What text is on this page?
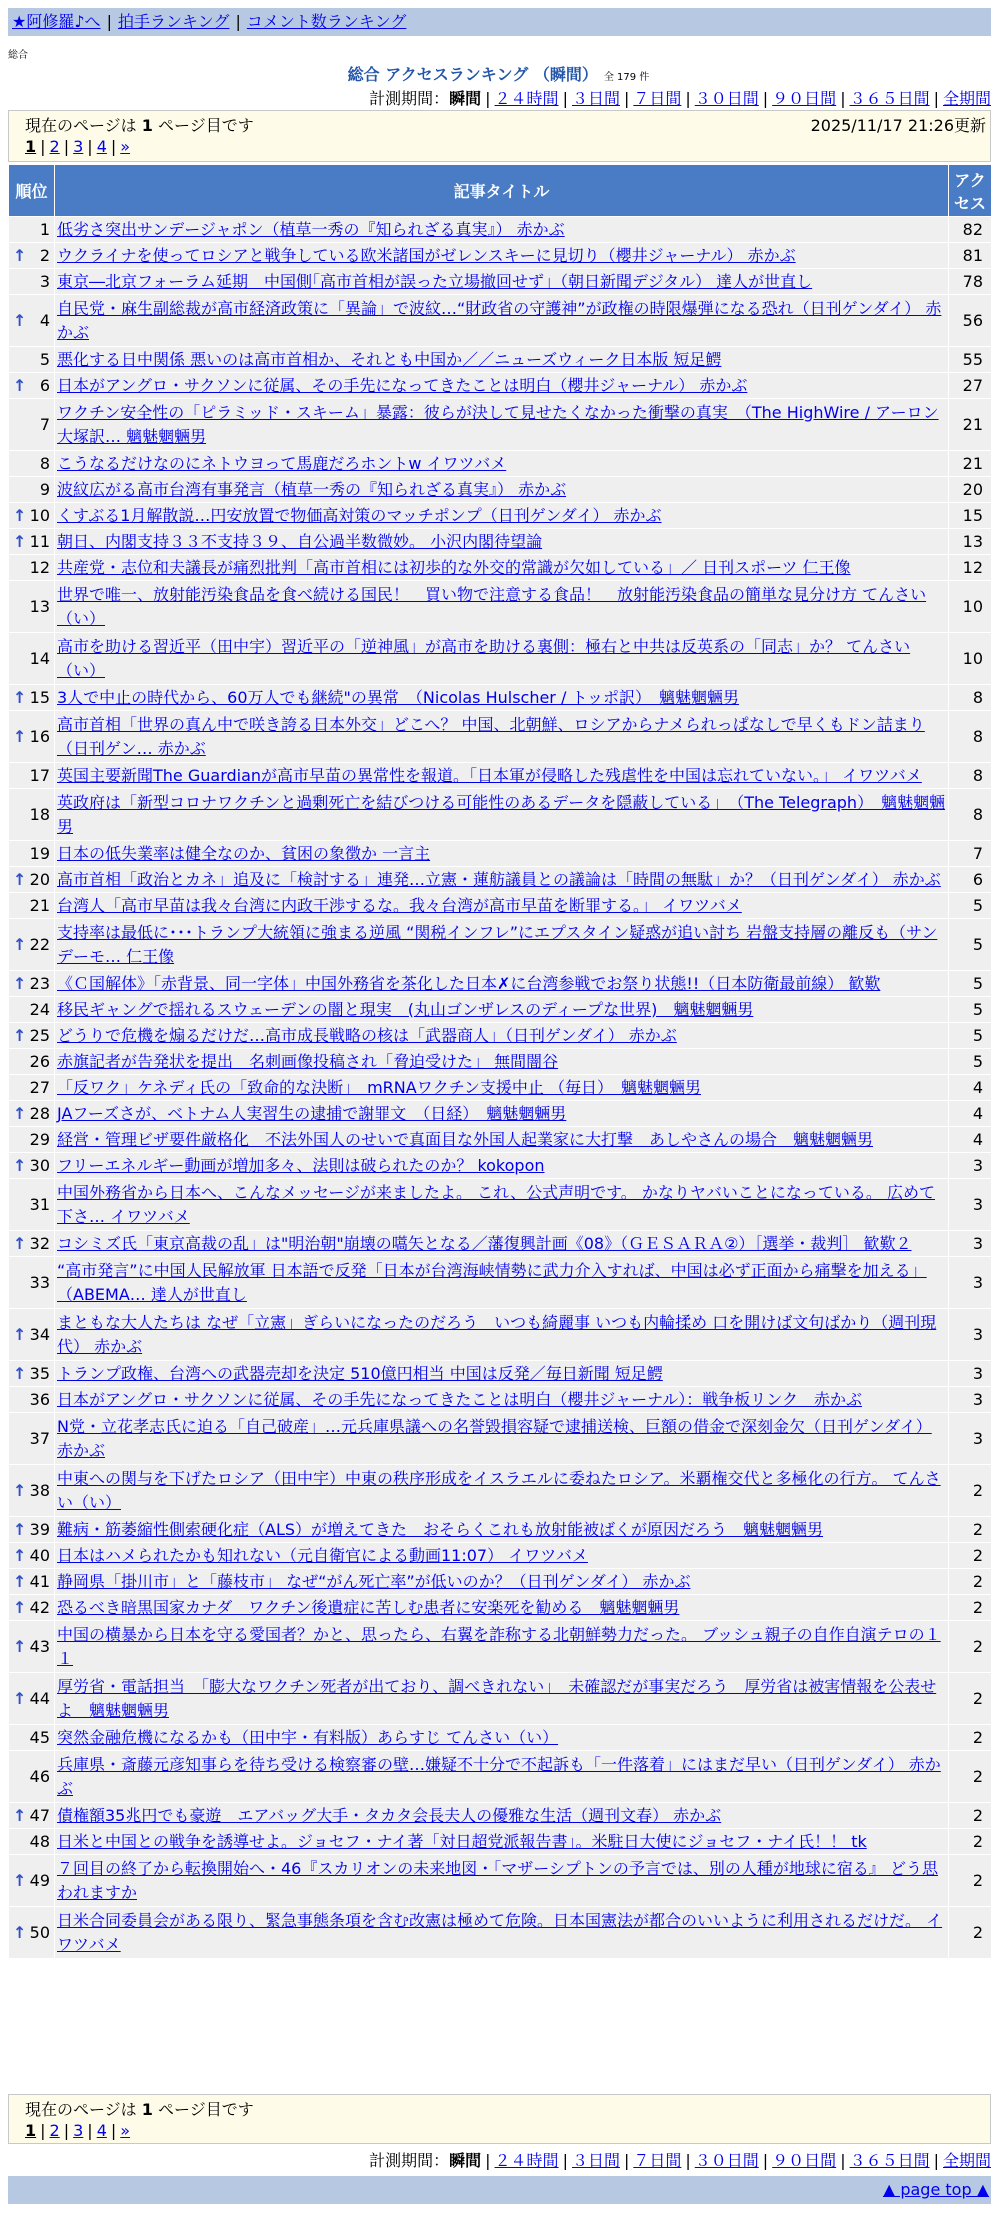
★阿修羅♪へ | 拍手ランキング | コメント数ランキング
総合
総合 アクセスランキング （瞬間） 全 179 件
計測期間：瞬間 | ２４時間 | ３日間 | ７日間 | ３０日間 | ９０日間 | ３６５日間 | 全期間
現在のページは 1 ページ目です	2025/11/17 21:26更新
1 | 2 | 3 | 4 | »
順位	記事タイトル	アクセス
1	低劣さ突出サンデージャポン（植草一秀の『知られざる真実』） 赤かぶ	82

↑ 2	ウクライナを使ってロシアと戦争している欧米諸国がゼレンスキーに見切り（櫻井ジャーナル） 赤かぶ	81
3	東京―北京フォーラム延期　中国側｢高市首相が誤った立場撤回せず｣（朝日新聞デジタル） 達人が世直し	78

↑ 4	自民党・麻生副総裁が高市経済政策に「異論」で波紋…“財政省の守護神”が政権の時限爆弾になる恐れ（日刊ゲンダイ） 赤かぶ	56
5	悪化する日中関係 悪いのは高市首相か、それとも中国か／／ニューズウィーク日本版 短足鰐	55

↑ 6	日本がアングロ・サクソンに従属、その手先になってきたことは明白（櫻井ジャーナル） 赤かぶ	27
7	ワクチン安全性の「ピラミッド・スキーム」暴露：彼らが決して見せたくなかった衝撃の真実　（The HighWire / アーロン大塚訳… 魑魅魍魎男	21
8	こうなるだけなのにネトウヨって馬鹿だろホントw イワツバメ	21
9	波紋広がる高市台湾有事発言（植草一秀の『知られざる真実』） 赤かぶ	20

↑ 10	くすぶる1月解散説…円安放置で物価高対策のマッチポンプ（日刊ゲンダイ） 赤かぶ	15

↑ 11	朝日、内閣支持３３不支持３９、自公過半数微妙。 小沢内閣待望論	13
12	共産党・志位和夫議長が痛烈批判「高市首相には初歩的な外交的常識が欠如している」／ 日刊スポーツ 仁王像	12
13	世界で唯一、放射能汚染食品を食べ続ける国民！　買い物で注意する食品！　放射能汚染食品の簡単な見分け方 てんさい（い）	10
14	高市を助ける習近平（田中宇）習近平の「逆神風」が高市を助ける裏側：極右と中共は反英系の「同志」か？ てんさい（い）	10

↑ 15	3人で中止の時代から、60万人でも継続"の異常　（Nicolas Hulscher / トッポ訳）　魑魅魍魎男	8

↑ 16	高市首相「世界の真ん中で咲き誇る日本外交」どこへ？ 中国、北朝鮮、ロシアからナメられっぱなしで早くもドン詰まり（日刊ゲン… 赤かぶ	8
17	英国主要新聞The Guardianが高市早苗の異常性を報道。「日本軍が侵略した残虐性を中国は忘れていない。」 イワツバメ	8
18	英政府は「新型コロナワクチンと過剰死亡を結びつける可能性のあるデータを隠蔽している」　（The Telegraph）　魑魅魍魎男	8
19	日本の低失業率は健全なのか、貧困の象徴か 一言主	7

↑ 20	高市首相「政治とカネ」追及に「検討する」連発…立憲・蓮舫議員との議論は「時間の無駄」か？（日刊ゲンダイ） 赤かぶ	6
21	台湾人「高市早苗は我々台湾に内政干渉するな。我々台湾が高市早苗を断罪する。」 イワツバメ	5

↑ 22	支持率は最低に･･･トランプ大統領に強まる逆風 “関税インフレ”にエプスタイン疑惑が追い討ち 岩盤支持層の離反も（サンデーモ… 仁王像	5

↑ 23	《Ｃ国解体》「赤背景、同一字体」中国外務省を茶化した日本✗に台湾参戦でお祭り状態!!（日本防衛最前線） 歓歎	5
24	移民ギャングで揺れるスウェーデンの闇と現実　(丸山ゴンザレスのディープな世界)　魑魅魍魎男	5

↑ 25	どうりで危機を煽るだけだ…高市成長戦略の核は「武器商人」（日刊ゲンダイ） 赤かぶ	5
26	赤旗記者が告発状を提出　名刺画像投稿され「脅迫受けた」 無間闇谷	5
27	「反ワク」ケネディ氏の「致命的な決断」　mRNAワクチン支援中止 （毎日）　魑魅魍魎男	4

↑ 28	JAフーズさが、ベトナム人実習生の逮捕で謝罪文　（日経）　魑魅魍魎男	4
29	経営・管理ビザ要件厳格化　不法外国人のせいで真面目な外国人起業家に大打撃　あしやさんの場合　魑魅魍魎男	4

↑ 30	フリーエネルギー動画が増加多々、法則は破られたのか？ kokopon	3
31	中国外務省から日本へ、こんなメッセージが来ましたよ。 これ、公式声明です。 かなりヤバいことになっている。 広めて下さ… イワツバメ	3

↑ 32	コシミズ氏「東京高裁の乱」は"明治朝"崩壊の嚆矢となる／藩復興計画《08》（ＧＥＳＡＲＡ②）［選挙・裁判］ 歓歎２	3
33	“高市発言”に中国人民解放軍 日本語で反発「日本が台湾海峡情勢に武力介入すれば、中国は必ず正面から痛撃を加える」（ABEMA… 達人が世直し	3

↑ 34	まともな大人たちは なぜ「立憲」ぎらいになったのだろう　いつも綺麗事 いつも内輪揉め 口を開けば文句ばかり（週刊現代） 赤かぶ	3

↑ 35	トランプ政権、台湾への武器売却を決定 510億円相当 中国は反発／毎日新聞 短足鰐	3
36	日本がアングロ・サクソンに従属、その手先になってきたことは明白（櫻井ジャーナル）：戦争板リンク　赤かぶ	3
37	N党・立花孝志氏に迫る「自己破産」…元兵庫県議への名誉毀損容疑で逮捕送検、巨額の借金で深刻金欠（日刊ゲンダイ） 赤かぶ	3

↑ 38	中東への関与を下げたロシア（田中宇）中東の秩序形成をイスラエルに委ねたロシア。米覇権交代と多極化の行方。 てんさい（い）	2

↑ 39	難病・筋萎縮性側索硬化症（ALS）が増えてきた　おそらくこれも放射能被ばくが原因だろう　魑魅魍魎男	2

↑ 40	日本はハメられたかも知れない（元自衛官による動画11:07） イワツバメ	2

↑ 41	静岡県「掛川市」と「藤枝市」 なぜ“がん死亡率”が低いのか？（日刊ゲンダイ） 赤かぶ	2

↑ 42	恐るべき暗黒国家カナダ　ワクチン後遺症に苦しむ患者に安楽死を勧める　魑魅魍魎男	2

↑ 43	中国の横暴から日本を守る愛国者？かと、思ったら、右翼を詐称する北朝鮮勢力だった。 ブッシュ親子の自作自演テロの１１	2

↑ 44	厚労省・電話担当　「膨大なワクチン死者が出ており、調べきれない」　未確認だが事実だろう　厚労省は被害情報を公表せよ　魑魅魍魎男	2
45	突然金融危機になるかも（田中宇・有料版）あらすじ てんさい（い）	2
46	兵庫県・斎藤元彦知事らを待ち受ける検察審の壁…嫌疑不十分で不起訴も「一件落着」にはまだ早い（日刊ゲンダイ） 赤かぶ	2

↑ 47	債権額35兆円でも豪遊　エアバッグ大手・タカタ会長夫人の優雅な生活（週刊文春） 赤かぶ	2
48	日米と中国との戦争を誘導せよ。ジョセフ・ナイ著「対日超党派報告書」。米駐日大使にジョセフ・ナイ氏！！ tk	2

↑ 49	７回目の終了から転換開始へ・46『スカリオンの未来地図・「マザーシプトンの予言では、別の人種が地球に宿る』 どう思われますか	2

↑ 50	日米合同委員会がある限り、緊急事態条項を含む改憲は極めて危険。日本国憲法が都合のいいように利用されるだけだ。 イワツバメ	2
現在のページは 1 ページ目です
1 | 2 | 3 | 4 | »
計測期間：瞬間 | ２４時間 | ３日間 | ７日間 | ３０日間 | ９０日間 | ３６５日間 | 全期間
▲ page top ▲
